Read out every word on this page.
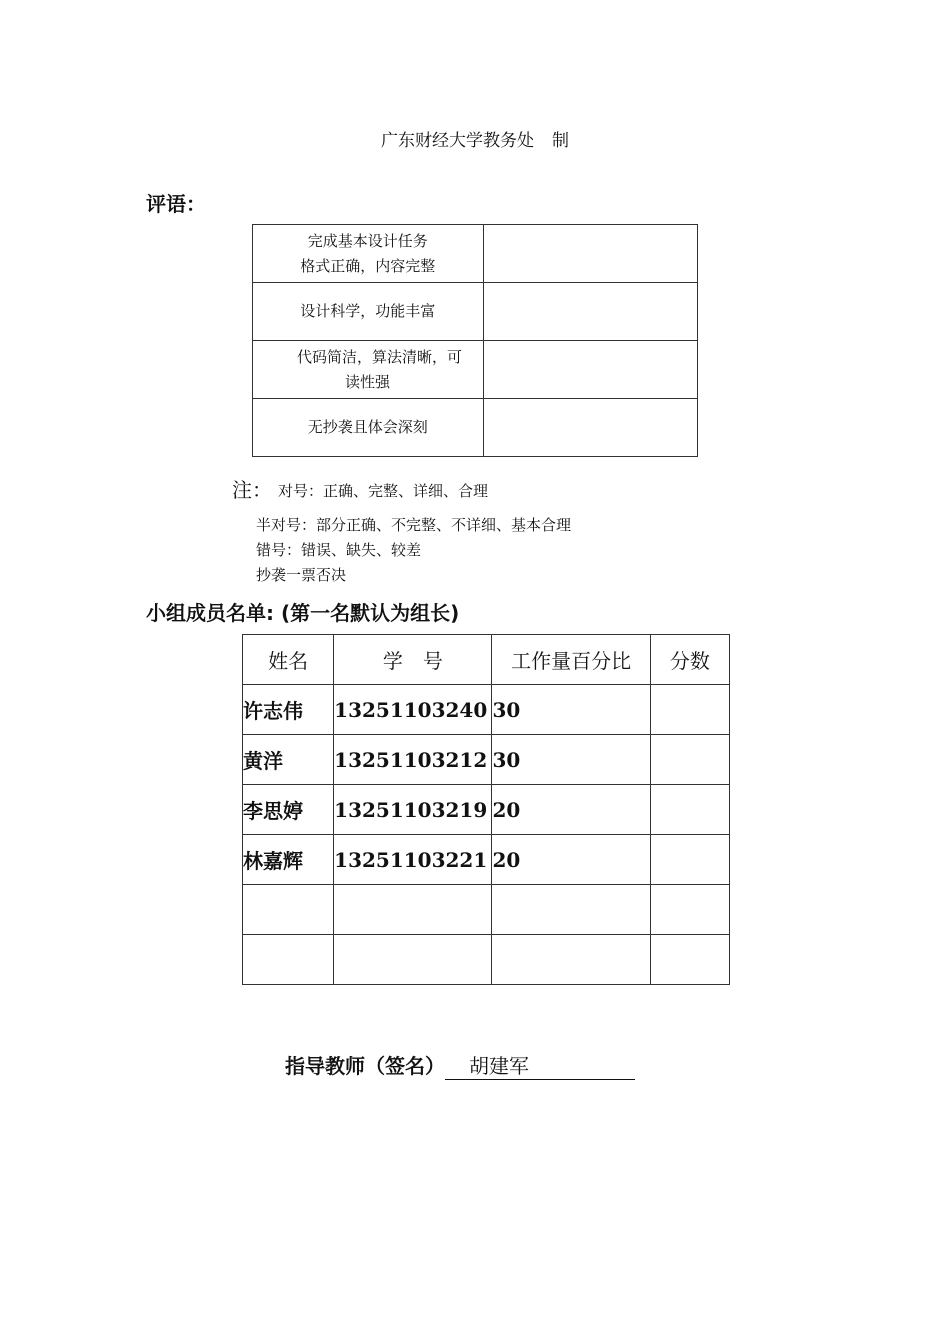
广东财经大学教务处 制
评语：
完成基本设计任务
格式正确，内容完整	

设计科学，功能丰富	

代码简洁，算法清晰，可
读性强	

无抄袭且体会深刻	

注： 对号：正确、完整、详细、合理
半对号：部分正确、不完整、不详细、基本合理
错号：错误、缺失、较差
抄袭一票否决
小组成员名单: (第一名默认为组长)
姓名	学　号	工作量百分比	分数
许志伟	13251103240	30	
黄洋	13251103212	30	
李思婷	13251103219	20	
林嘉辉	13251103221	20	

指导教师（签名） 胡建军
